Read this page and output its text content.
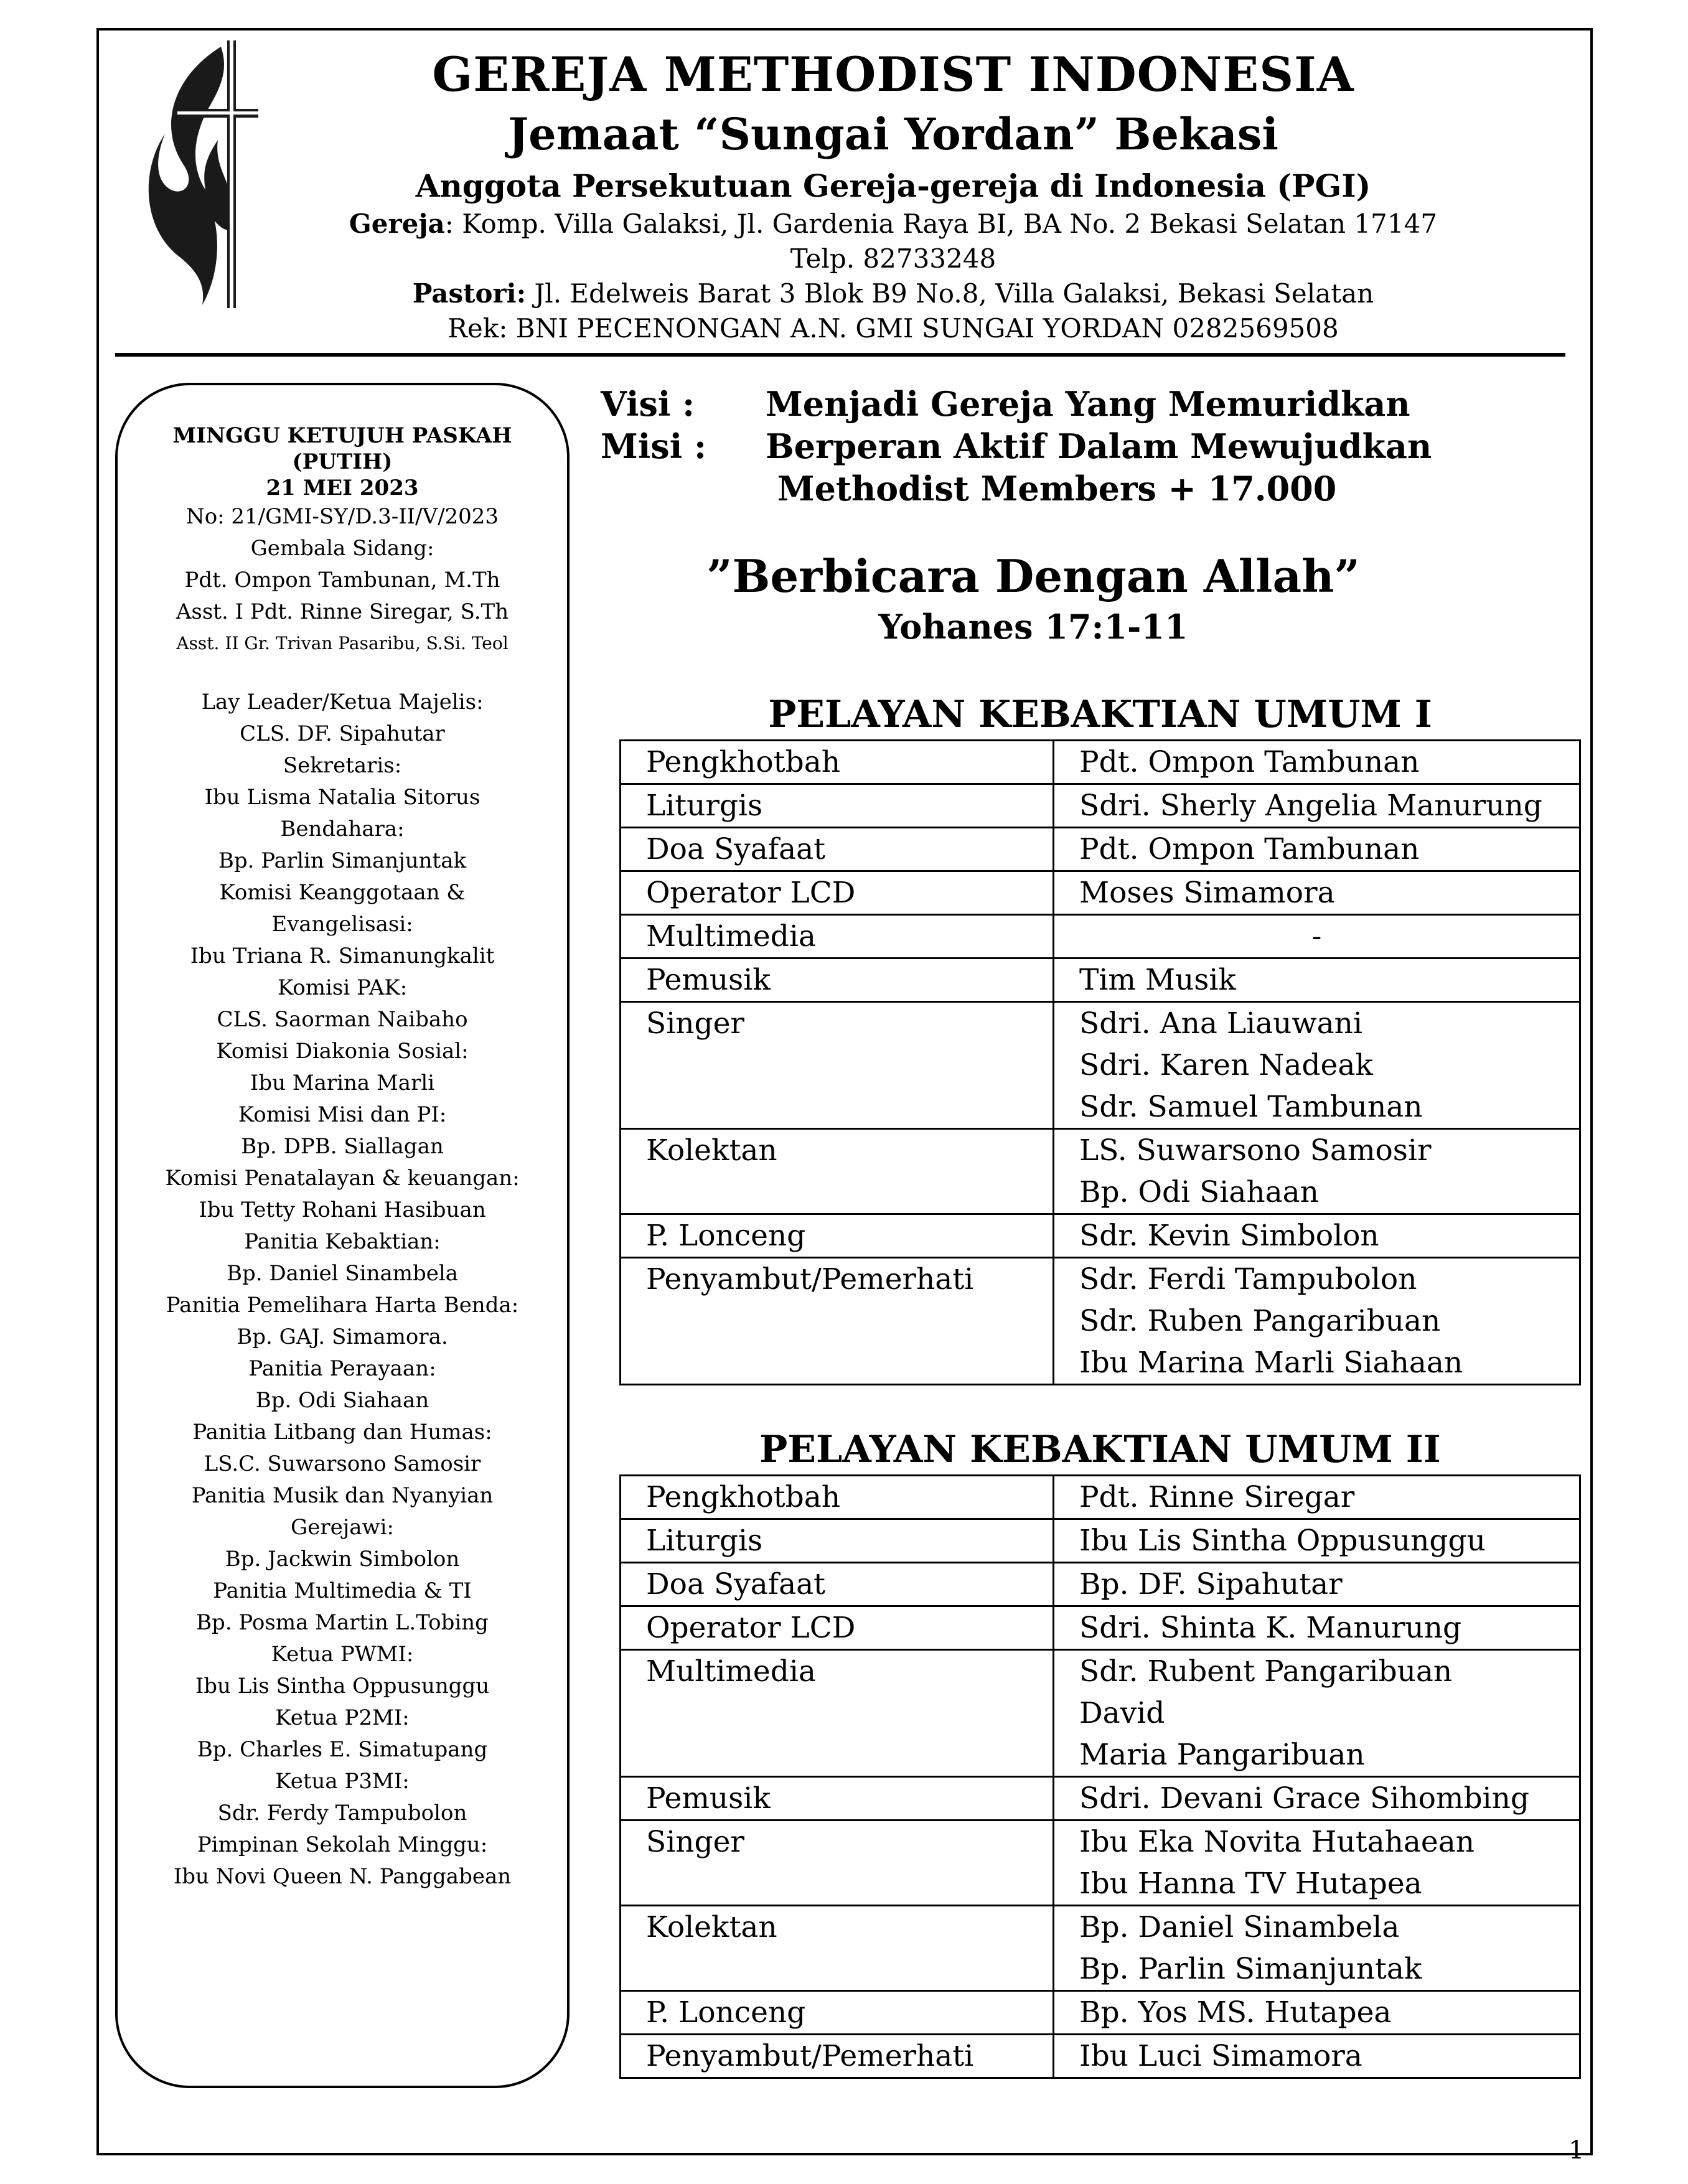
GEREJA METHODIST INDONESIA
Jemaat “Sungai Yordan” Bekasi
Anggota Persekutuan Gereja-gereja di Indonesia (PGI)
Gereja: Komp. Villa Galaksi, Jl. Gardenia Raya BI, BA No. 2 Bekasi Selatan 17147
Telp. 82733248
Pastori: Jl. Edelweis Barat 3 Blok B9 No.8, Villa Galaksi, Bekasi Selatan
Rek: BNI PECENONGAN A.N. GMI SUNGAI YORDAN 0282569508
MINGGU KETUJUH PASKAH
(PUTIH)
21 MEI 2023
No: 21/GMI-SY/D.3-II/V/2023
Gembala Sidang:
Pdt. Ompon Tambunan, M.Th
Asst. I Pdt. Rinne Siregar, S.Th
Asst. II Gr. Trivan Pasaribu, S.Si. Teol
Lay Leader/Ketua Majelis:
CLS. DF. Sipahutar
Sekretaris:
Ibu Lisma Natalia Sitorus
Bendahara:
Bp. Parlin Simanjuntak
Komisi Keanggotaan &
Evangelisasi:
Ibu Triana R. Simanungkalit
Komisi PAK:
CLS. Saorman Naibaho
Komisi Diakonia Sosial:
Ibu Marina Marli
Komisi Misi dan PI:
Bp. DPB. Siallagan
Komisi Penatalayan & keuangan:
Ibu Tetty Rohani Hasibuan
Panitia Kebaktian:
Bp. Daniel Sinambela
Panitia Pemelihara Harta Benda:
Bp. GAJ. Simamora.
Panitia Perayaan:
Bp. Odi Siahaan
Panitia Litbang dan Humas:
LS.C. Suwarsono Samosir
Panitia Musik dan Nyanyian
Gerejawi:
Bp. Jackwin Simbolon
Panitia Multimedia & TI
Bp. Posma Martin L.Tobing
Ketua PWMI:
Ibu Lis Sintha Oppusunggu
Ketua P2MI:
Bp. Charles E. Simatupang
Ketua P3MI:
Sdr. Ferdy Tampubolon
Pimpinan Sekolah Minggu:
Ibu Novi Queen N. Panggabean
Visi :	Menjadi Gereja Yang Memuridkan
Misi :	Berperan Aktif Dalam Mewujudkan
Methodist Members + 17.000
”Berbicara Dengan Allah”
Yohanes 17:1-11
PELAYAN KEBAKTIAN UMUM I
Pengkhotbah	Pdt. Ompon Tambunan

Liturgis	Sdri. Sherly Angelia Manurung

Doa Syafaat	Pdt. Ompon Tambunan

Operator LCD	Moses Simamora

Multimedia	-

Pemusik	Tim Musik

Singer	Sdri. Ana Liauwani
Sdri. Karen Nadeak
Sdr. Samuel Tambunan

Kolektan	LS. Suwarsono Samosir
Bp. Odi Siahaan

P. Lonceng	Sdr. Kevin Simbolon

Penyambut/Pemerhati	Sdr. Ferdi Tampubolon
Sdr. Ruben Pangaribuan
Ibu Marina Marli Siahaan
PELAYAN KEBAKTIAN UMUM II
Pengkhotbah	Pdt. Rinne Siregar

Liturgis	Ibu Lis Sintha Oppusunggu

Doa Syafaat	Bp. DF. Sipahutar

Operator LCD	Sdri. Shinta K. Manurung

Multimedia	Sdr. Rubent Pangaribuan
David
Maria Pangaribuan

Pemusik	Sdri. Devani Grace Sihombing

Singer	Ibu Eka Novita Hutahaean
Ibu Hanna TV Hutapea

Kolektan	Bp. Daniel Sinambela
Bp. Parlin Simanjuntak

P. Lonceng	Bp. Yos MS. Hutapea

Penyambut/Pemerhati	Ibu Luci Simamora
1
